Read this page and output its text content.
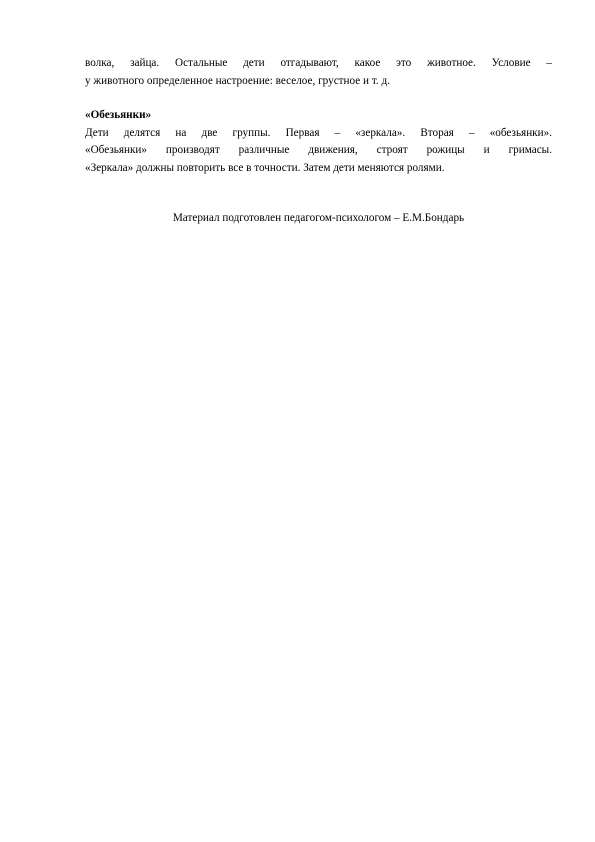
волка, зайца. Остальные дети отгадывают, какое это животное. Условие –
у животного определенное настроение: веселое, грустное и т. д.
«Обезьянки»
Дети делятся на две группы. Первая – «зеркала». Вторая – «обезьянки».
«Обезьянки» производят различные движения, строят рожицы и гримасы.
«Зеркала» должны повторить все в точности. Затем дети меняются ролями.
Материал подготовлен педагогом-психологом – Е.М.Бондарь
